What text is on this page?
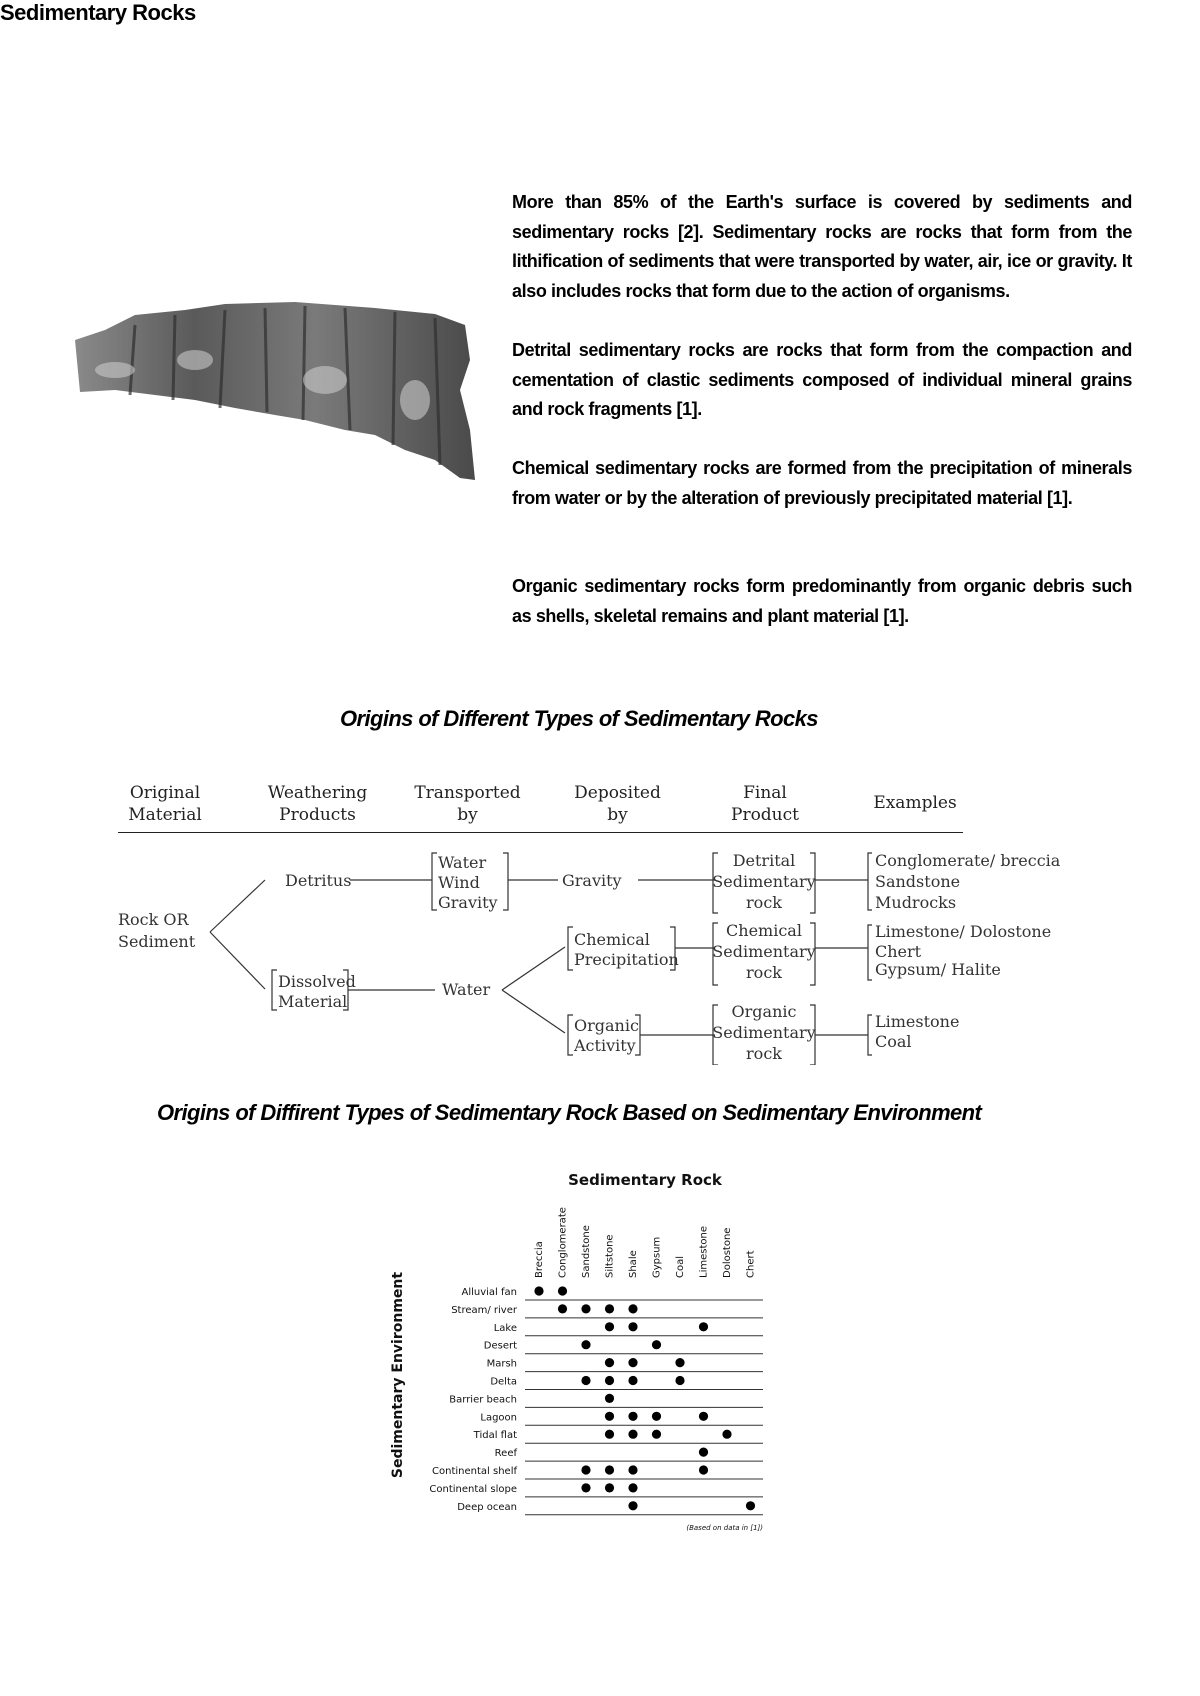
Sedimentary Rocks
More than 85% of the Earth's surface is covered by sediments and sedimentary rocks [2]. Sedimentary rocks are rocks that form from the lithification of sediments that were transported by water, air, ice or gravity. It also includes rocks that form due to the action of organisms.
Detrital sedimentary rocks are rocks that form from the compaction and cementation of clastic sediments composed of individual mineral grains and rock fragments [1].
Chemical sedimentary rocks are formed from the precipitation of minerals from water or by the alteration of previously precipitated material [1].
Organic sedimentary rocks form predominantly from organic debris such as shells, skeletal remains and plant material [1].
Origins of Different Types of Sedimentary Rocks
Original
Material
Weathering
Products
Transported
by
Deposited
by
Final
Product
Examples
Rock OR
Sediment
Detritus
Water
Wind
Gravity
Gravity
Detrital
Sedimentary
rock
Conglomerate/ breccia
Sandstone
Mudrocks
Dissolved
Material
Water
Chemical
Precipitation
Chemical
Sedimentary
rock
Limestone/ Dolostone
Chert
Gypsum/ Halite
Organic
Activity
Organic
Sedimentary
rock
Limestone
Coal
Origins of Diffirent Types of Sedimentary Rock Based on Sedimentary Environment
Sedimentary Rock
Sedimentary Environment
Breccia Conglomerate Sandstone Siltstone Shale Gypsum Coal Limestone Dolostone Chert
Alluvial fan
Stream/ river
Lake
Desert
Marsh
Delta
Barrier beach
Lagoon
Tidal flat
Reef
Continental shelf
Continental slope
Deep ocean
(Based on data in [1])
